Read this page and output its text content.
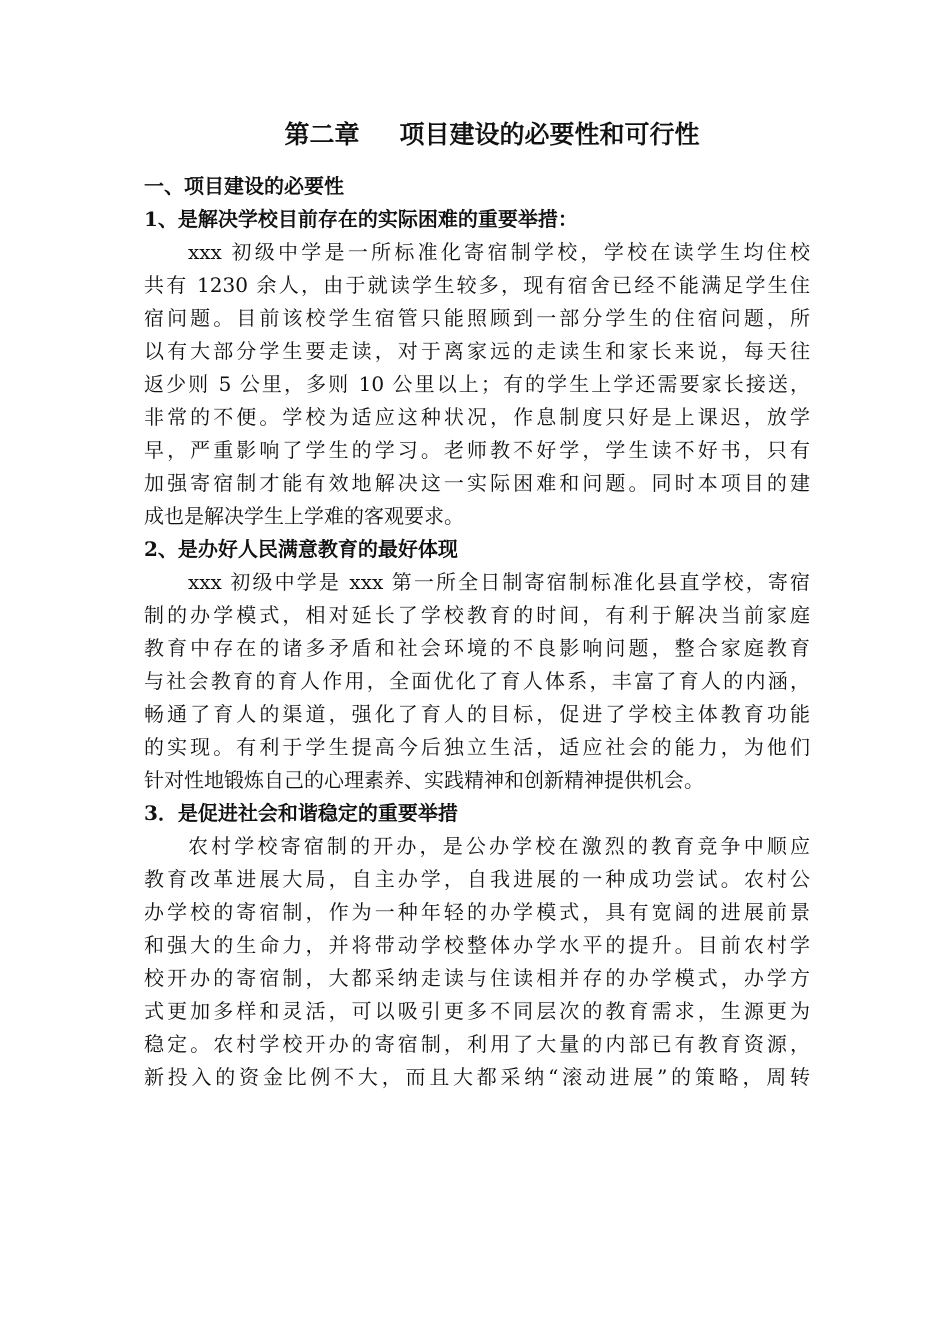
第二章 项目建设的必要性和可行性
一、项目建设的必要性
1、是解决学校目前存在的实际困难的重要举措：
xxx 初级中学是一所标准化寄宿制学校，学校在读学生均住校
共有 1230 余人，由于就读学生较多，现有宿舍已经不能满足学生住
宿问题。目前该校学生宿管只能照顾到一部分学生的住宿问题，所
以有大部分学生要走读，对于离家远的走读生和家长来说，每天往
返少则 5 公里，多则 10 公里以上；有的学生上学还需要家长接送，
非常的不便。学校为适应这种状况，作息制度只好是上课迟，放学
早，严重影响了学生的学习。老师教不好学，学生读不好书，只有
加强寄宿制才能有效地解决这一实际困难和问题。同时本项目的建
成也是解决学生上学难的客观要求。
2、是办好人民满意教育的最好体现
xxx 初级中学是 xxx 第一所全日制寄宿制标准化县直学校，寄宿
制的办学模式，相对延长了学校教育的时间，有利于解决当前家庭
教育中存在的诸多矛盾和社会环境的不良影响问题，整合家庭教育
与社会教育的育人作用，全面优化了育人体系，丰富了育人的内涵，
畅通了育人的渠道，强化了育人的目标，促进了学校主体教育功能
的实现。有利于学生提高今后独立生活，适应社会的能力，为他们
针对性地锻炼自己的心理素养、实践精神和创新精神提供机会。
3．是促进社会和谐稳定的重要举措
农村学校寄宿制的开办，是公办学校在激烈的教育竞争中顺应
教育改革进展大局，自主办学，自我进展的一种成功尝试。农村公
办学校的寄宿制，作为一种年轻的办学模式，具有宽阔的进展前景
和强大的生命力，并将带动学校整体办学水平的提升。目前农村学
校开办的寄宿制，大都采纳走读与住读相并存的办学模式，办学方
式更加多样和灵活，可以吸引更多不同层次的教育需求，生源更为
稳定。农村学校开办的寄宿制，利用了大量的内部已有教育资源，
新投入的资金比例不大，而且大都采纳“滚动进展”的策略，周转
